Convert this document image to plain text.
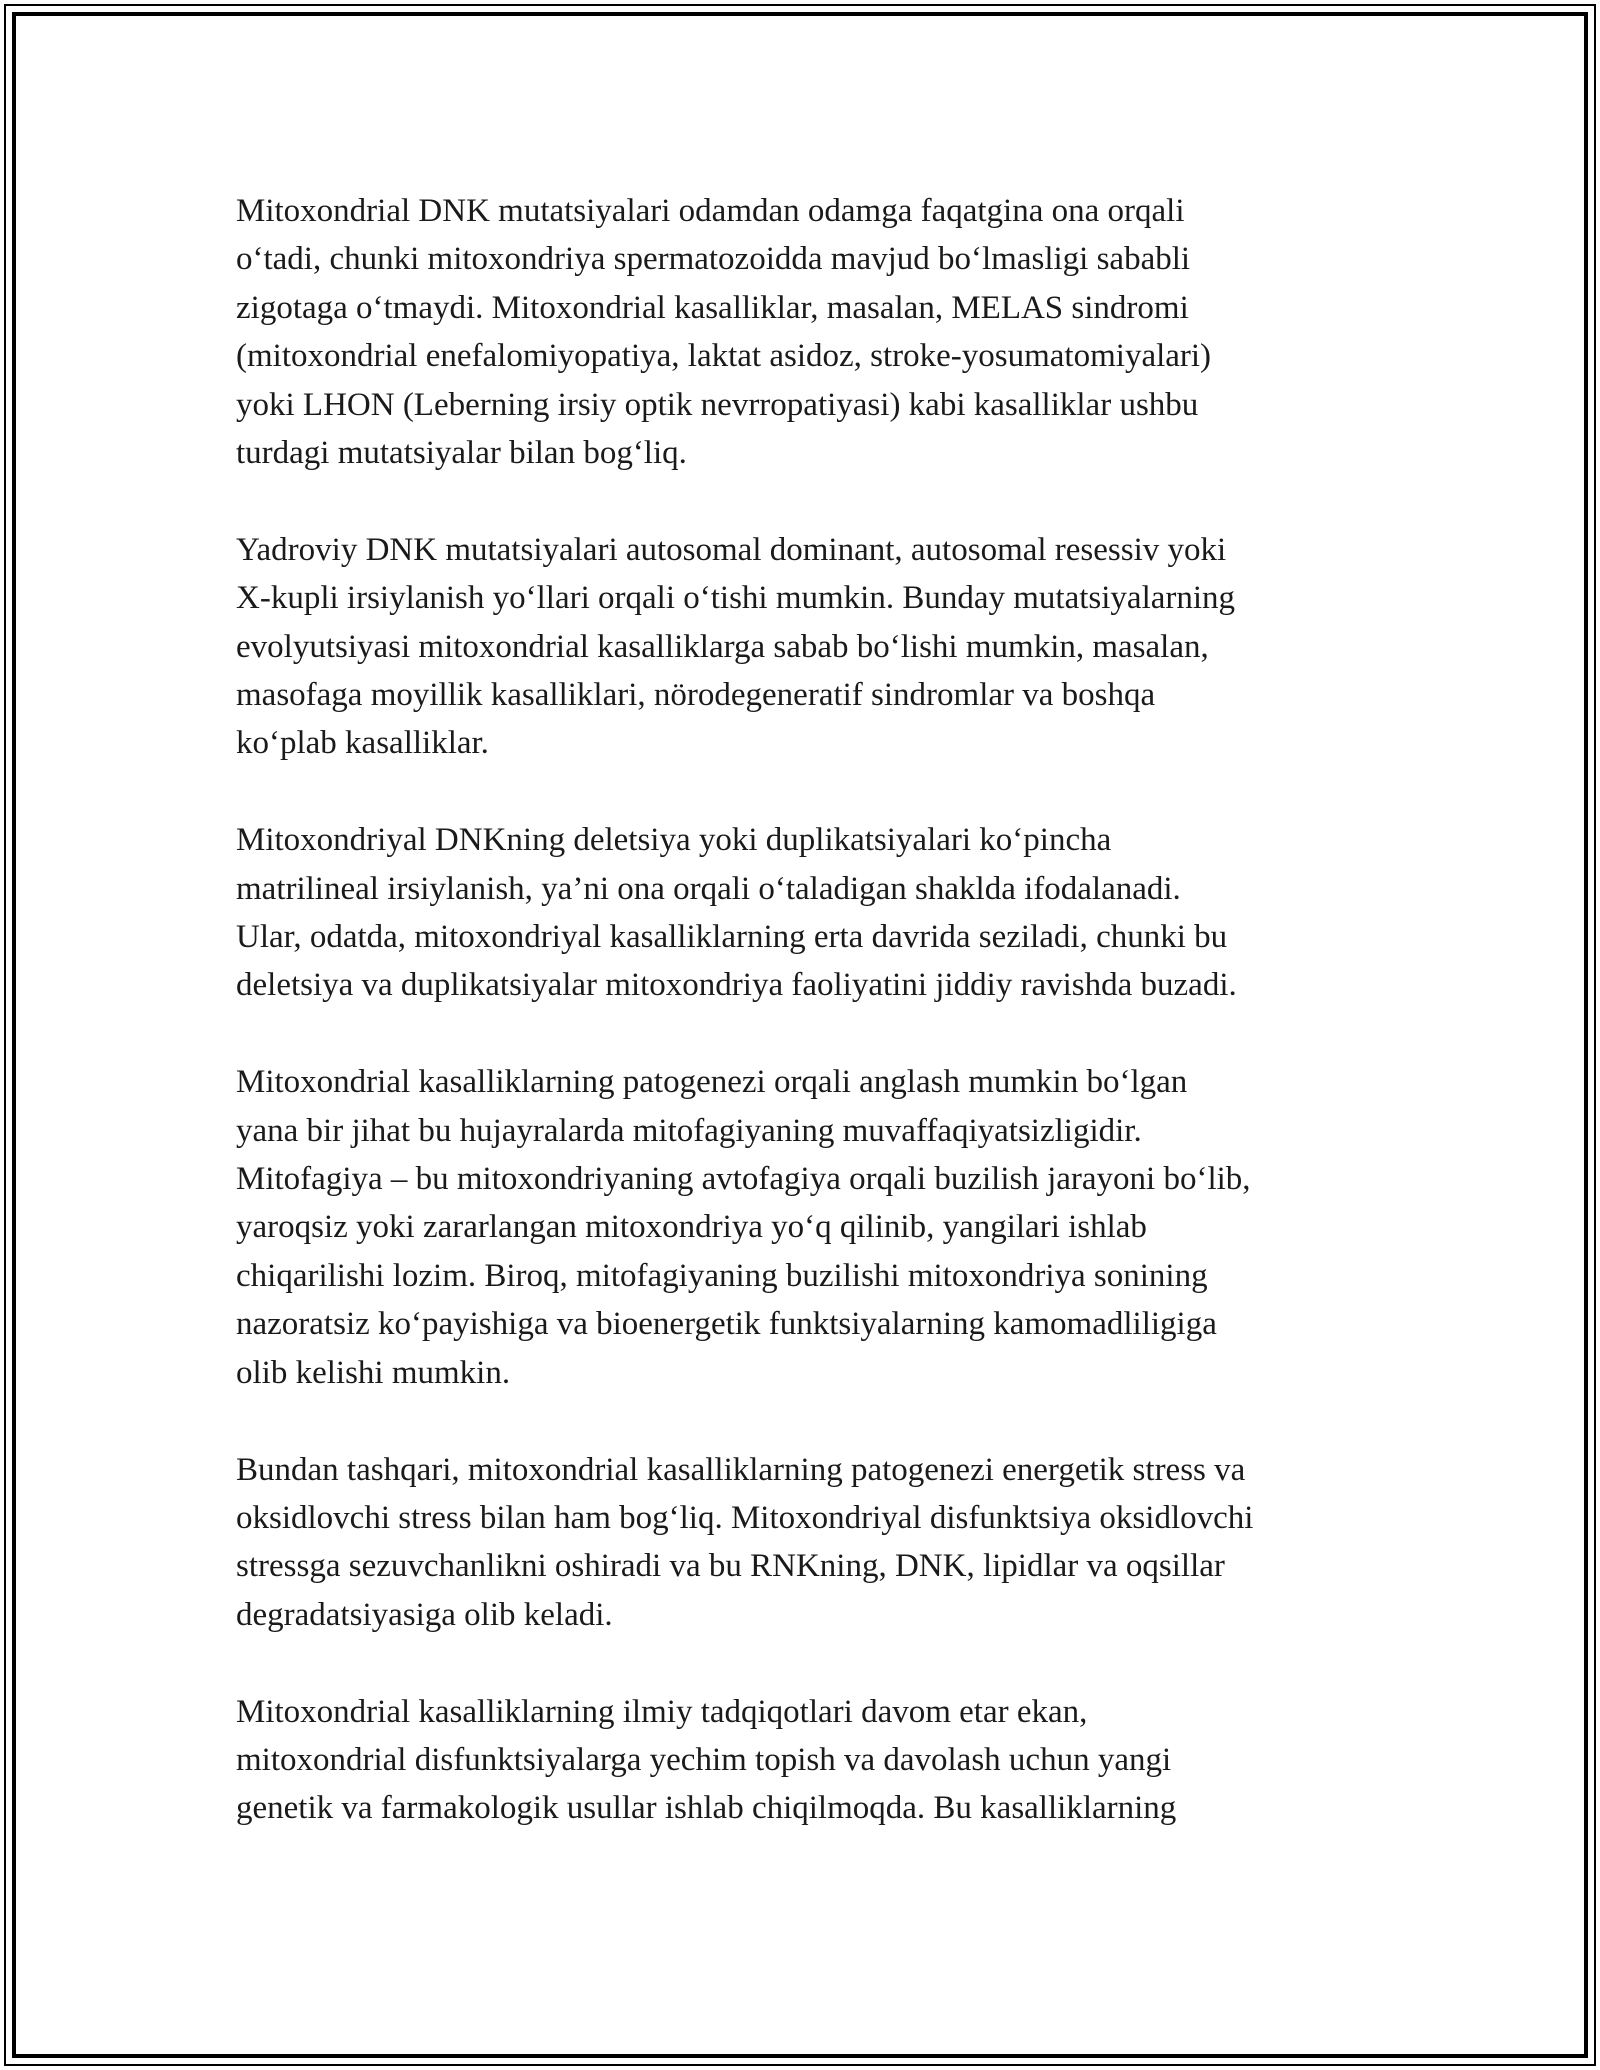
Mitoxondrial DNK mutatsiyalari odamdan odamga faqatgina ona orqali
o‘tadi, chunki mitoxondriya spermatozoidda mavjud bo‘lmasligi sababli
zigotaga o‘tmaydi. Mitoxondrial kasalliklar, masalan, MELAS sindromi
(mitoxondrial enefalomiyopatiya, laktat asidoz, stroke-yosumatomiyalari)
yoki LHON (Leberning irsiy optik nevrropatiyasi) kabi kasalliklar ushbu
turdagi mutatsiyalar bilan bog‘liq.

Yadroviy DNK mutatsiyalari autosomal dominant, autosomal resessiv yoki
X-kupli irsiylanish yo‘llari orqali o‘tishi mumkin. Bunday mutatsiyalarning
evolyutsiyasi mitoxondrial kasalliklarga sabab bo‘lishi mumkin, masalan,
masofaga moyillik kasalliklari, nörodegeneratif sindromlar va boshqa
ko‘plab kasalliklar.

Mitoxondriyal DNKning deletsiya yoki duplikatsiyalari ko‘pincha
matrilineal irsiylanish, ya’ni ona orqali o‘taladigan shakldа ifodalanadi.
Ular, odatda, mitoxondriyal kasalliklarning erta davrida seziladi, chunki bu
deletsiya va duplikatsiyalar mitoxondriya faoliyatini jiddiy ravishda buzadi.

Mitoxondrial kasalliklarning patogenezi orqali anglash mumkin bo‘lgan
yana bir jihat bu hujayralarda mitofagiyaning muvaffaqiyatsizligidir.
Mitofagiya – bu mitoxondriyaning avtofagiya orqali buzilish jarayoni bo‘lib,
yaroqsiz yoki zararlangan mitoxondriya yo‘q qilinib, yangilari ishlab
chiqarilishi lozim. Biroq, mitofagiyaning buzilishi mitoxondriya sonining
nazoratsiz ko‘payishiga va bioenergetik funktsiyalarning kamomadliligiga
olib kelishi mumkin.

Bundan tashqari, mitoxondrial kasalliklarning patogenezi energetik stress va
oksidlovchi stress bilan ham bog‘liq. Mitoxondriyal disfunktsiya oksidlovchi
stressga sezuvchanlikni oshiradi va bu RNKning, DNK, lipidlar va oqsillar
degradatsiyasiga olib keladi.

Mitoxondrial kasalliklarning ilmiy tadqiqotlari davom etar ekan,
mitoxondrial disfunktsiyalarga yechim topish va davolash uchun yangi
genetik va farmakologik usullar ishlab chiqilmoqda. Bu kasalliklarning
